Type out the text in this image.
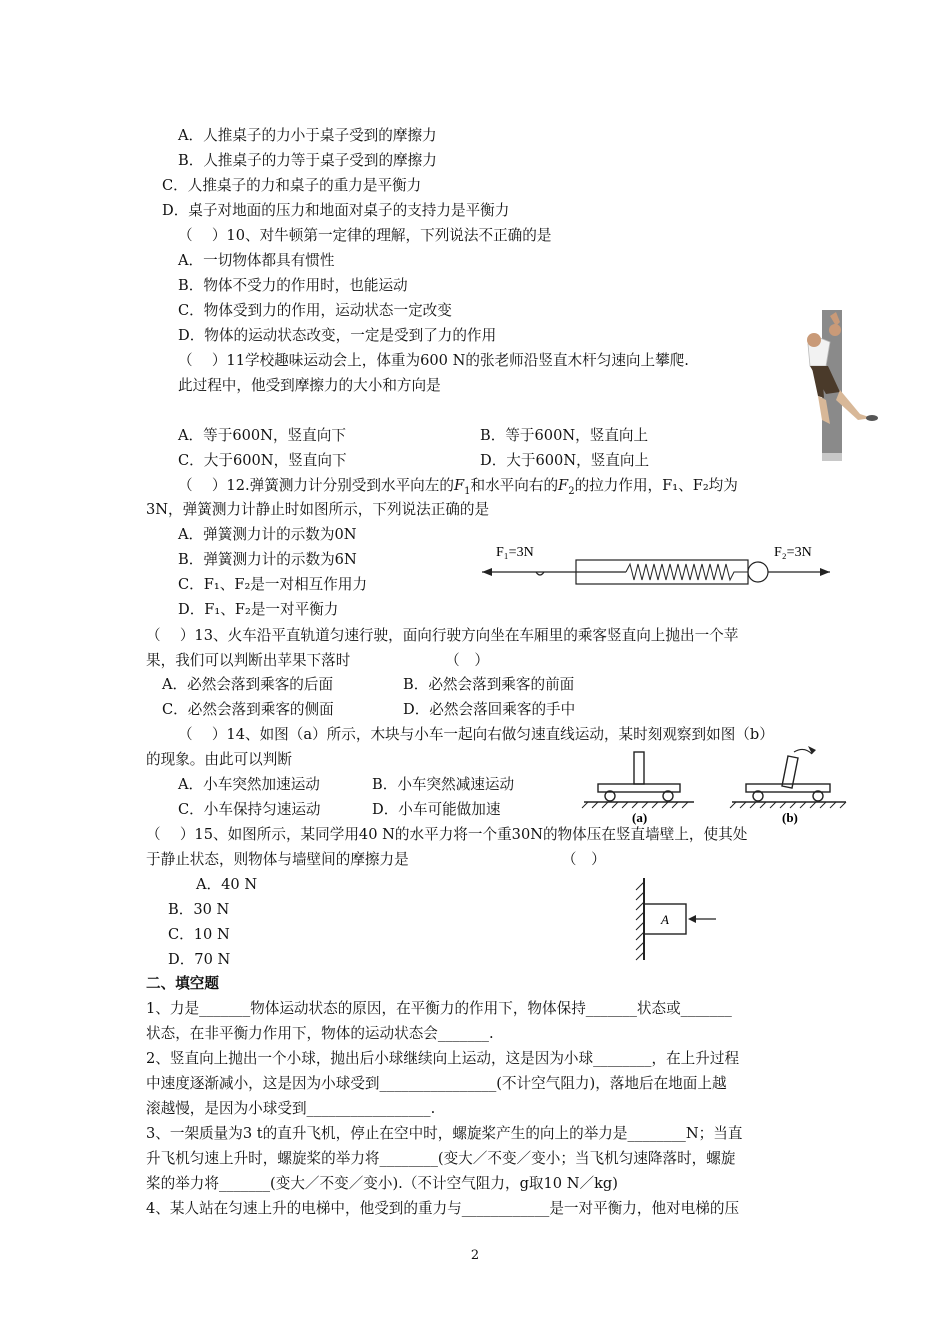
A．人推桌子的力小于桌子受到的摩擦力
B．人推桌子的力等于桌子受到的摩擦力
C．人推桌子的力和桌子的重力是平衡力
D．桌子对地面的压力和地面对桌子的支持力是平衡力
（　 ）10、对牛顿第一定律的理解，下列说法不正确的是
A．一切物体都具有惯性
B．物体不受力的作用时，也能运动
C．物体受到力的作用，运动状态一定改变
D．物体的运动状态改变，一定是受到了力的作用
（　 ）11学校趣味运动会上，体重为600 N的张老师沿竖直木杆匀速向上攀爬.
此过程中，他受到摩擦力的大小和方向是
A．等于600N，竖直向下	B．等于600N，竖直向上
C．大于600N，竖直向下	D．大于600N，竖直向上
（　 ）12.弹簧测力计分别受到水平向左的$F_1$和水平向右的$F_2$的拉力作用，F₁、F₂均为
3N，弹簧测力计静止时如图所示，下列说法正确的是
A．弹簧测力计的示数为0N
B．弹簧测力计的示数为6N
C．F₁、F₂是一对相互作用力
D．F₁、F₂是一对平衡力
F₁=3N	F₂=3N
（　 ）13、火车沿平直轨道匀速行驶，面向行驶方向坐在车厢里的乘客竖直向上抛出一个苹
果，我们可以判断出苹果下落时　　　　　　　（　）
A．必然会落到乘客的后面	B．必然会落到乘客的前面
C．必然会落到乘客的侧面	D．必然会落回乘客的手中
（　 ）14、如图（a）所示，木块与小车一起向右做匀速直线运动，某时刻观察到如图（b）
的现象。由此可以判断
A．小车突然加速运动	B．小车突然减速运动
C．小车保持匀速运动	D．小车可能做加速	(a)	(b)
（　 ）15、如图所示，某同学用40 N的水平力将一个重30N的物体压在竖直墙壁上，使其处
于静止状态，则物体与墙壁间的摩擦力是　　　　　　　　　　　（　）
A．40 N
B．30 N
C．10 N
D．70 N
A
二、填空题
1、力是_______物体运动状态的原因，在平衡力的作用下，物体保持_______状态或_______
状态，在非平衡力作用下，物体的运动状态会_______.
2、竖直向上抛出一个小球，抛出后小球继续向上运动，这是因为小球________，在上升过程
中速度逐渐减小，这是因为小球受到________________(不计空气阻力)，落地后在地面上越
滚越慢，是因为小球受到_________________.
3、一架质量为3 t的直升飞机，停止在空中时，螺旋桨产生的向上的举力是________N；当直
升飞机匀速上升时，螺旋桨的举力将________(变大／不变／变小；当飞机匀速降落时，螺旋
桨的举力将_______(变大／不变／变小).（不计空气阻力，g取10 N／kg)
4、某人站在匀速上升的电梯中，他受到的重力与____________是一对平衡力，他对电梯的压
2
